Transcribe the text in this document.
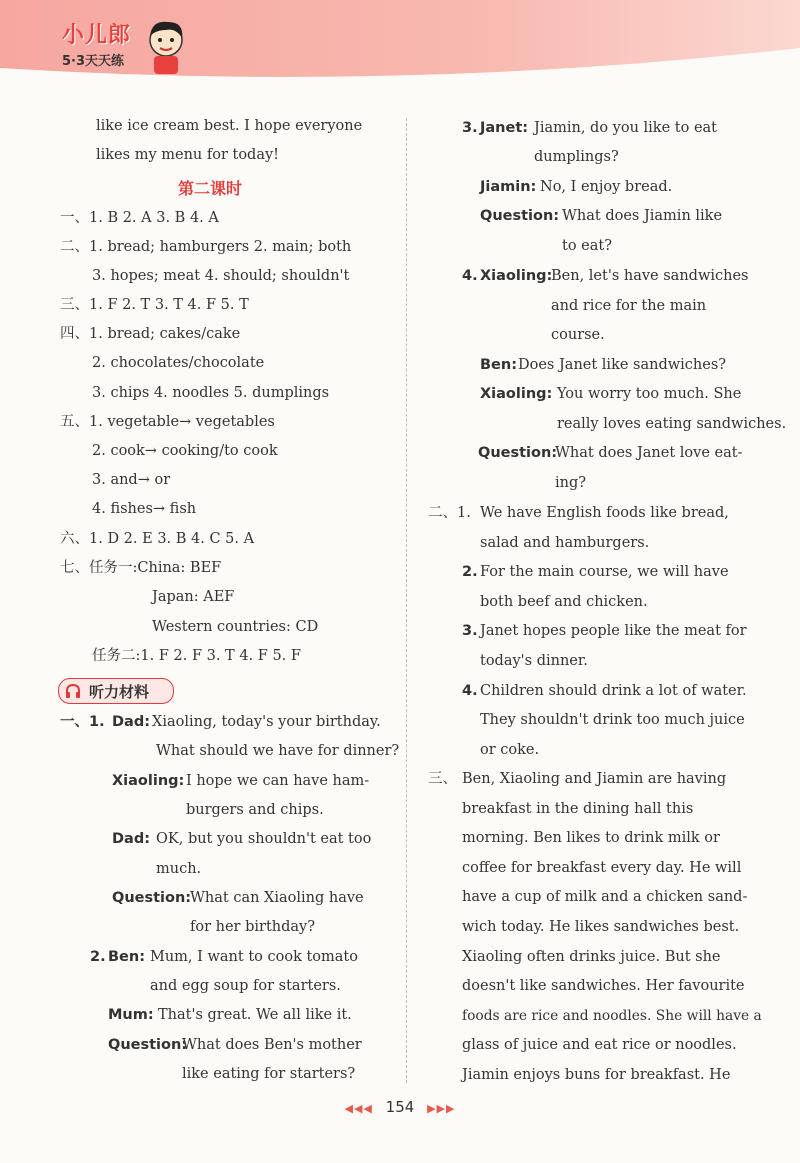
小儿郎
5·3天天练
like ice cream best. I hope everyone
likes my menu for today!
第二课时
一、1. B 2. A 3. B 4. A
二、1. bread; hamburgers 2. main; both
3. hopes; meat 4. should; shouldn't
三、1. F 2. T 3. T 4. F 5. T
四、1. bread; cakes/cake
2. chocolates/chocolate
3. chips 4. noodles 5. dumplings
五、1. vegetable→ vegetables
2. cook→ cooking/to cook
3. and→ or
4. fishes→ fish
六、1. D 2. E 3. B 4. C 5. A
七、任务一:China: BEF
Japan: AEF
Western countries: CD
任务二:1. F 2. F 3. T 4. F 5. F
听力材料
一、1. Dad: Xiaoling, today's your birthday.
What should we have for dinner?
Xiaoling: I hope we can have ham-
burgers and chips.
Dad: OK, but you shouldn't eat too
much.
Question:
What can Xiaoling have
for her birthday?
2. Ben: Mum, I want to cook tomato
and egg soup for starters.
Mum: That's great. We all like it.
Question:
What does Ben's mother
like eating for starters?
3. Janet: Jiamin, do you like to eat
dumplings?
Jiamin: No, I enjoy bread.
Question: What does Jiamin like
to eat?
4. Xiaoling:
Ben, let's have sandwiches
and rice for the main
course.
Ben: Does Janet like sandwiches?
Xiaoling: You worry too much. She
really loves eating sandwiches.
Question:
What does Janet love eat-
ing?
二、1. We have English foods like bread,
salad and hamburgers.
2. For the main course, we will have
both beef and chicken.
3. Janet hopes people like the meat for
today's dinner.
4. Children should drink a lot of water.
They shouldn't drink too much juice
or coke.
三、 Ben, Xiaoling and Jiamin are having
breakfast in the dining hall this
morning. Ben likes to drink milk or
coffee for breakfast every day. He will
have a cup of milk and a chicken sand-
wich today. He likes sandwiches best.
Xiaoling often drinks juice. But she
doesn't like sandwiches. Her favourite
foods are rice and noodles. She will have a
glass of juice and eat rice or noodles.
Jiamin enjoys buns for breakfast. He
◀◀◀ 154 ▶▶▶
